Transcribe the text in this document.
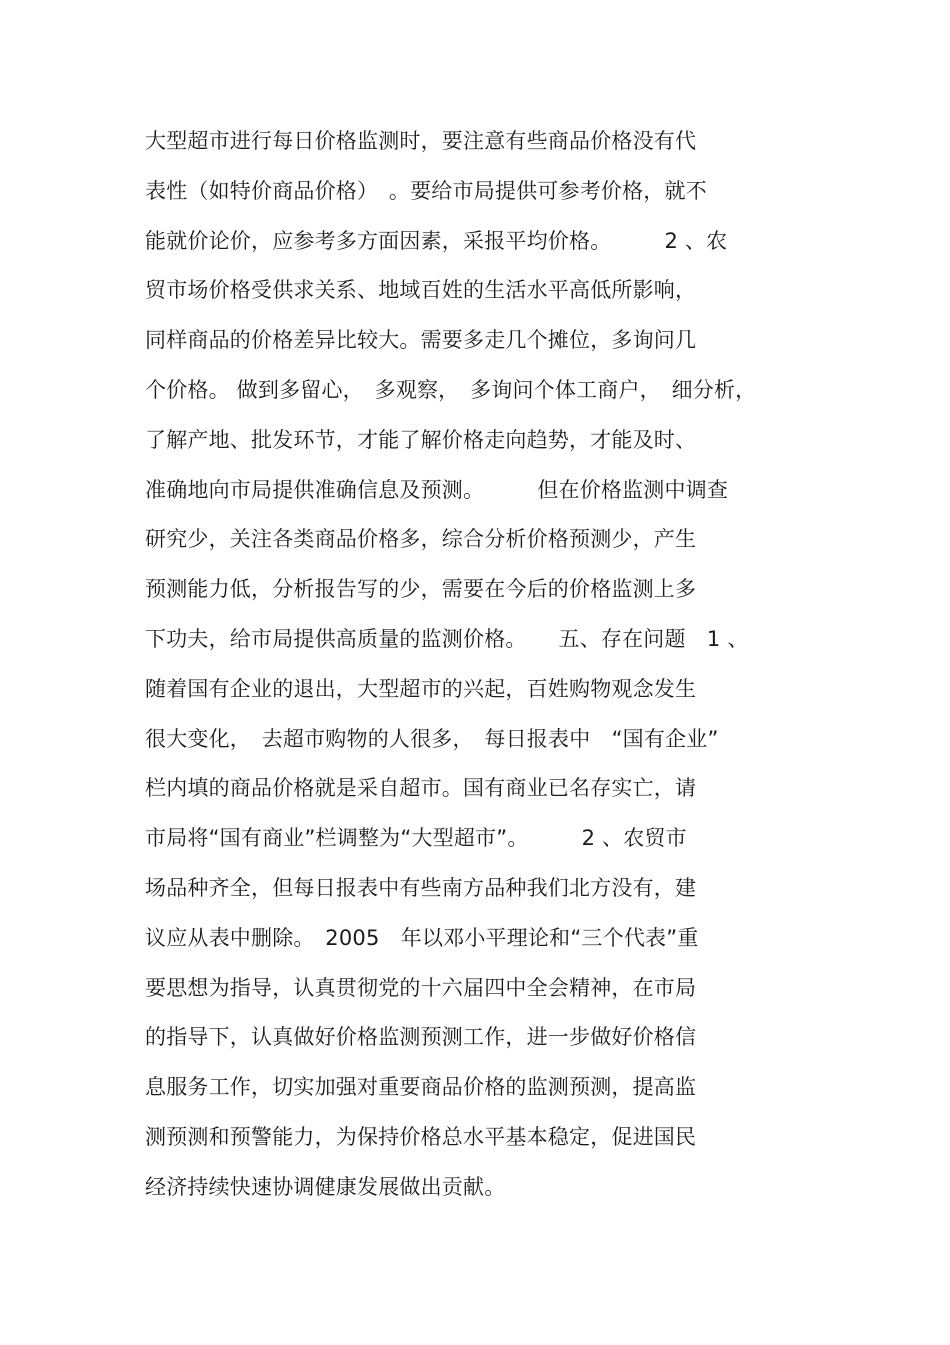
大型超市进行每日价格监测时，要注意有些商品价格没有代
表性（如特价商品价格）　。要给市局提供可参考价格，就不
能就价论价，应参考多方面因素，采报平均价格。　　　2 、农
贸市场价格受供求关系、地域百姓的生活水平高低所影响，
同样商品的价格差异比较大。需要多走几个摊位，多询问几
个价格。 做到多留心，　多观察，　多询问个体工商户，　细分析，
了解产地、批发环节，才能了解价格走向趋势，才能及时、
准确地向市局提供准确信息及预测。　　　但在价格监测中调查
研究少，关注各类商品价格多，综合分析价格预测少，产生
预测能力低，分析报告写的少，需要在今后的价格监测上多
下功夫，给市局提供高质量的监测价格。　　五、存在问题　1 、
随着国有企业的退出，大型超市的兴起，百姓购物观念发生
很大变化，　去超市购物的人很多，　每日报表中　“国有企业”
栏内填的商品价格就是采自超市。国有商业已名存实亡，请
市局将“国有商业”栏调整为“大型超市”。　　　2 、农贸市
场品种齐全，但每日报表中有些南方品种我们北方没有，建
议应从表中删除。　2005　年以邓小平理论和“三个代表”重
要思想为指导，认真贯彻党的十六届四中全会精神，在市局
的指导下，认真做好价格监测预测工作，进一步做好价格信
息服务工作，切实加强对重要商品价格的监测预测，提高监
测预测和预警能力，为保持价格总水平基本稳定，促进国民
经济持续快速协调健康发展做出贡献。
